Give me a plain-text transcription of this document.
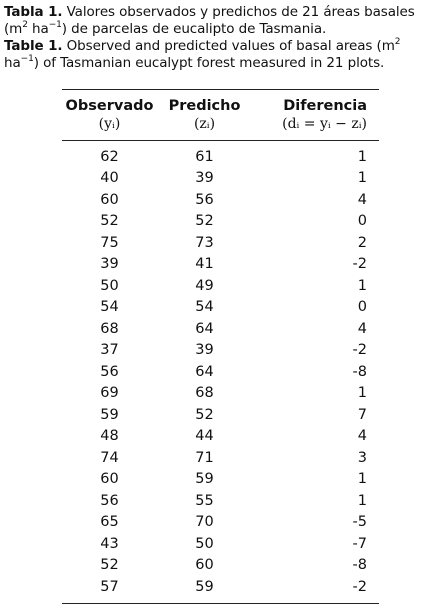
Tabla 1. Valores observados y predichos de 21 áreas basales ($m^2$ $ha^{-1}$) de parcelas de eucalipto de Tasmania.

Table 1. Observed and predicted values of basal areas ($m^2$ $ha^{-1}$) of Tasmanian eucalypt forest measured in 21 plots.

Observado	Predicho	Diferencia
(yᵢ)	(zᵢ)	(dᵢ = yᵢ − zᵢ)
62	61	1
40	39	1
60	56	4
52	52	0
75	73	2
39	41	-2
50	49	1
54	54	0
68	64	4
37	39	-2
56	64	-8
69	68	1
59	52	7
48	44	4
74	71	3
60	59	1
56	55	1
65	70	-5
43	50	-7
52	60	-8
57	59	-2
